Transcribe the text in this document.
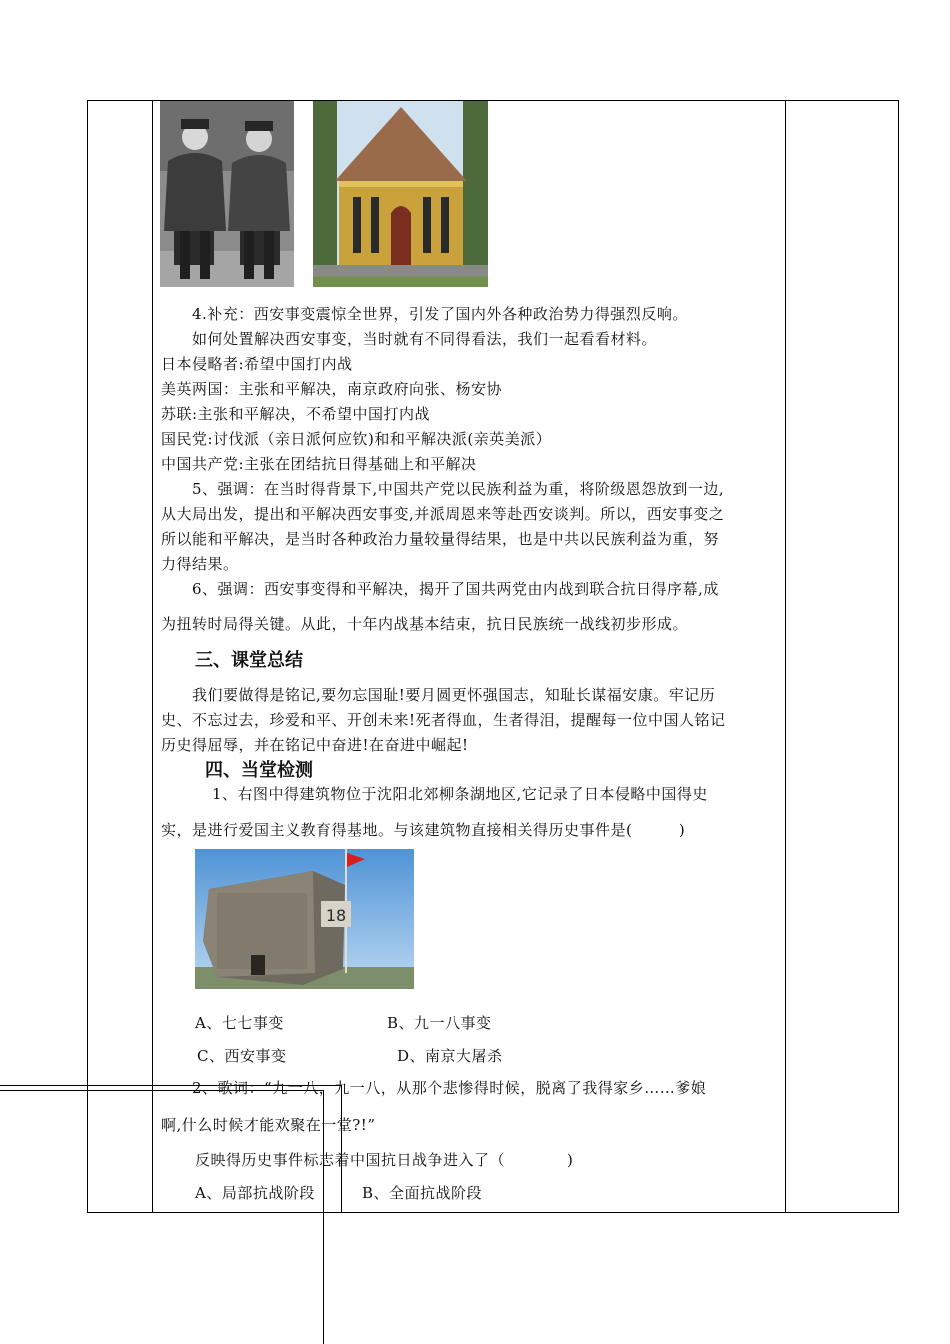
4.补充：西安事变震惊全世界，引发了国内外各种政治势力得强烈反响。
如何处置解决西安事变，当时就有不同得看法，我们一起看看材料。
日本侵略者:希望中国打内战
美英两国：主张和平解决，南京政府向张、杨安协
苏联:主张和平解决，不希望中国打内战
国民党:讨伐派（亲日派何应钦)和和平解决派(亲英美派）
中国共产党:主张在团结抗日得基础上和平解决
5、强调：在当时得背景下,中国共产党以民族利益为重，将阶级恩怨放到一边,
从大局出发，提出和平解决西安事变,并派周恩来等赴西安谈判。所以，西安事变之
所以能和平解决，是当时各种政治力量较量得结果，也是中共以民族利益为重，努
力得结果。
6、强调：西安事变得和平解决，揭开了国共两党由内战到联合抗日得序幕,成
为扭转时局得关键。从此，十年内战基本结束，抗日民族统一战线初步形成。
三、课堂总结
我们要做得是铭记,要勿忘国耻!要月圆更怀强国志，知耻长谋福安康。牢记历
史、不忘过去，珍爱和平、开创未来!死者得血，生者得泪，提醒每一位中国人铭记
历史得屈辱，并在铭记中奋进!在奋进中崛起!
四、当堂检测
1、右图中得建筑物位于沈阳北郊柳条湖地区,它记录了日本侵略中国得史
实，是进行爱国主义教育得基地。与该建筑物直接相关得历史事件是(　　　)
18
A、七七事变	B、九一八事变
C、西安事变	D、南京大屠杀
2、歌词：“九一八，九一八，从那个悲惨得时候，脱离了我得家乡……爹娘
啊,什么时候才能欢聚在一堂?!”
反映得历史事件标志着中国抗日战争进入了（　　　　)
A、局部抗战阶段	B、全面抗战阶段
